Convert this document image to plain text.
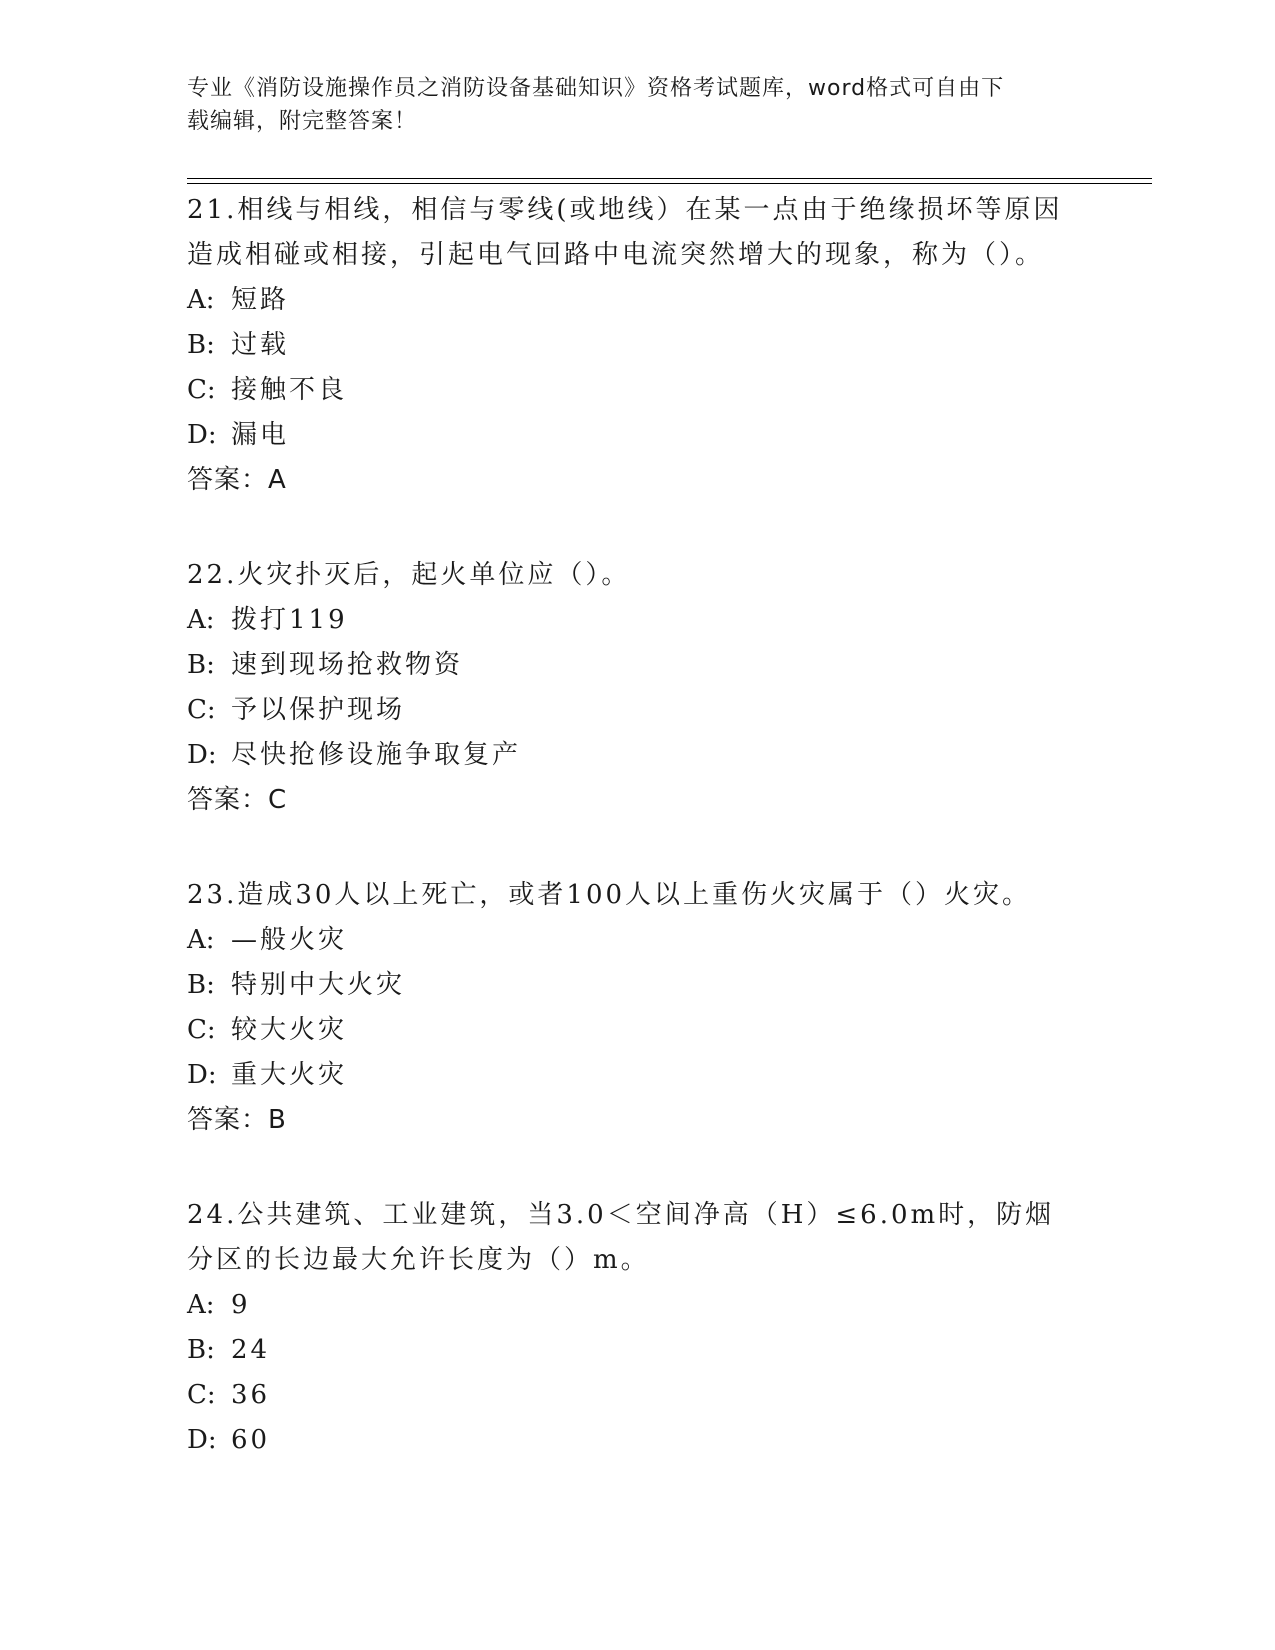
专业《消防设施操作员之消防设备基础知识》资格考试题库，word格式可自由下
载编辑，附完整答案！

21.相线与相线，相信与零线(或地线）在某一点由于绝缘损坏等原因造成相碰或相接，引起电气回路中电流突然增大的现象，称为（）。

A: 短路
B: 过载
C: 接触不良
D: 漏电
答案：A

22.火灾扑灭后，起火单位应（）。

A: 拨打119
B: 速到现场抢救物资
C: 予以保护现场
D: 尽快抢修设施争取复产
答案：C

23.造成30人以上死亡，或者100人以上重伤火灾属于（）火灾。

A: —般火灾
B: 特别中大火灾
C: 较大火灾
D: 重大火灾
答案：B

24.公共建筑、工业建筑，当3.0＜空间净高（H）≤6.0m时，防烟分区的长边最大允许长度为（）m。

A: 9
B: 24
C: 36
D: 60
